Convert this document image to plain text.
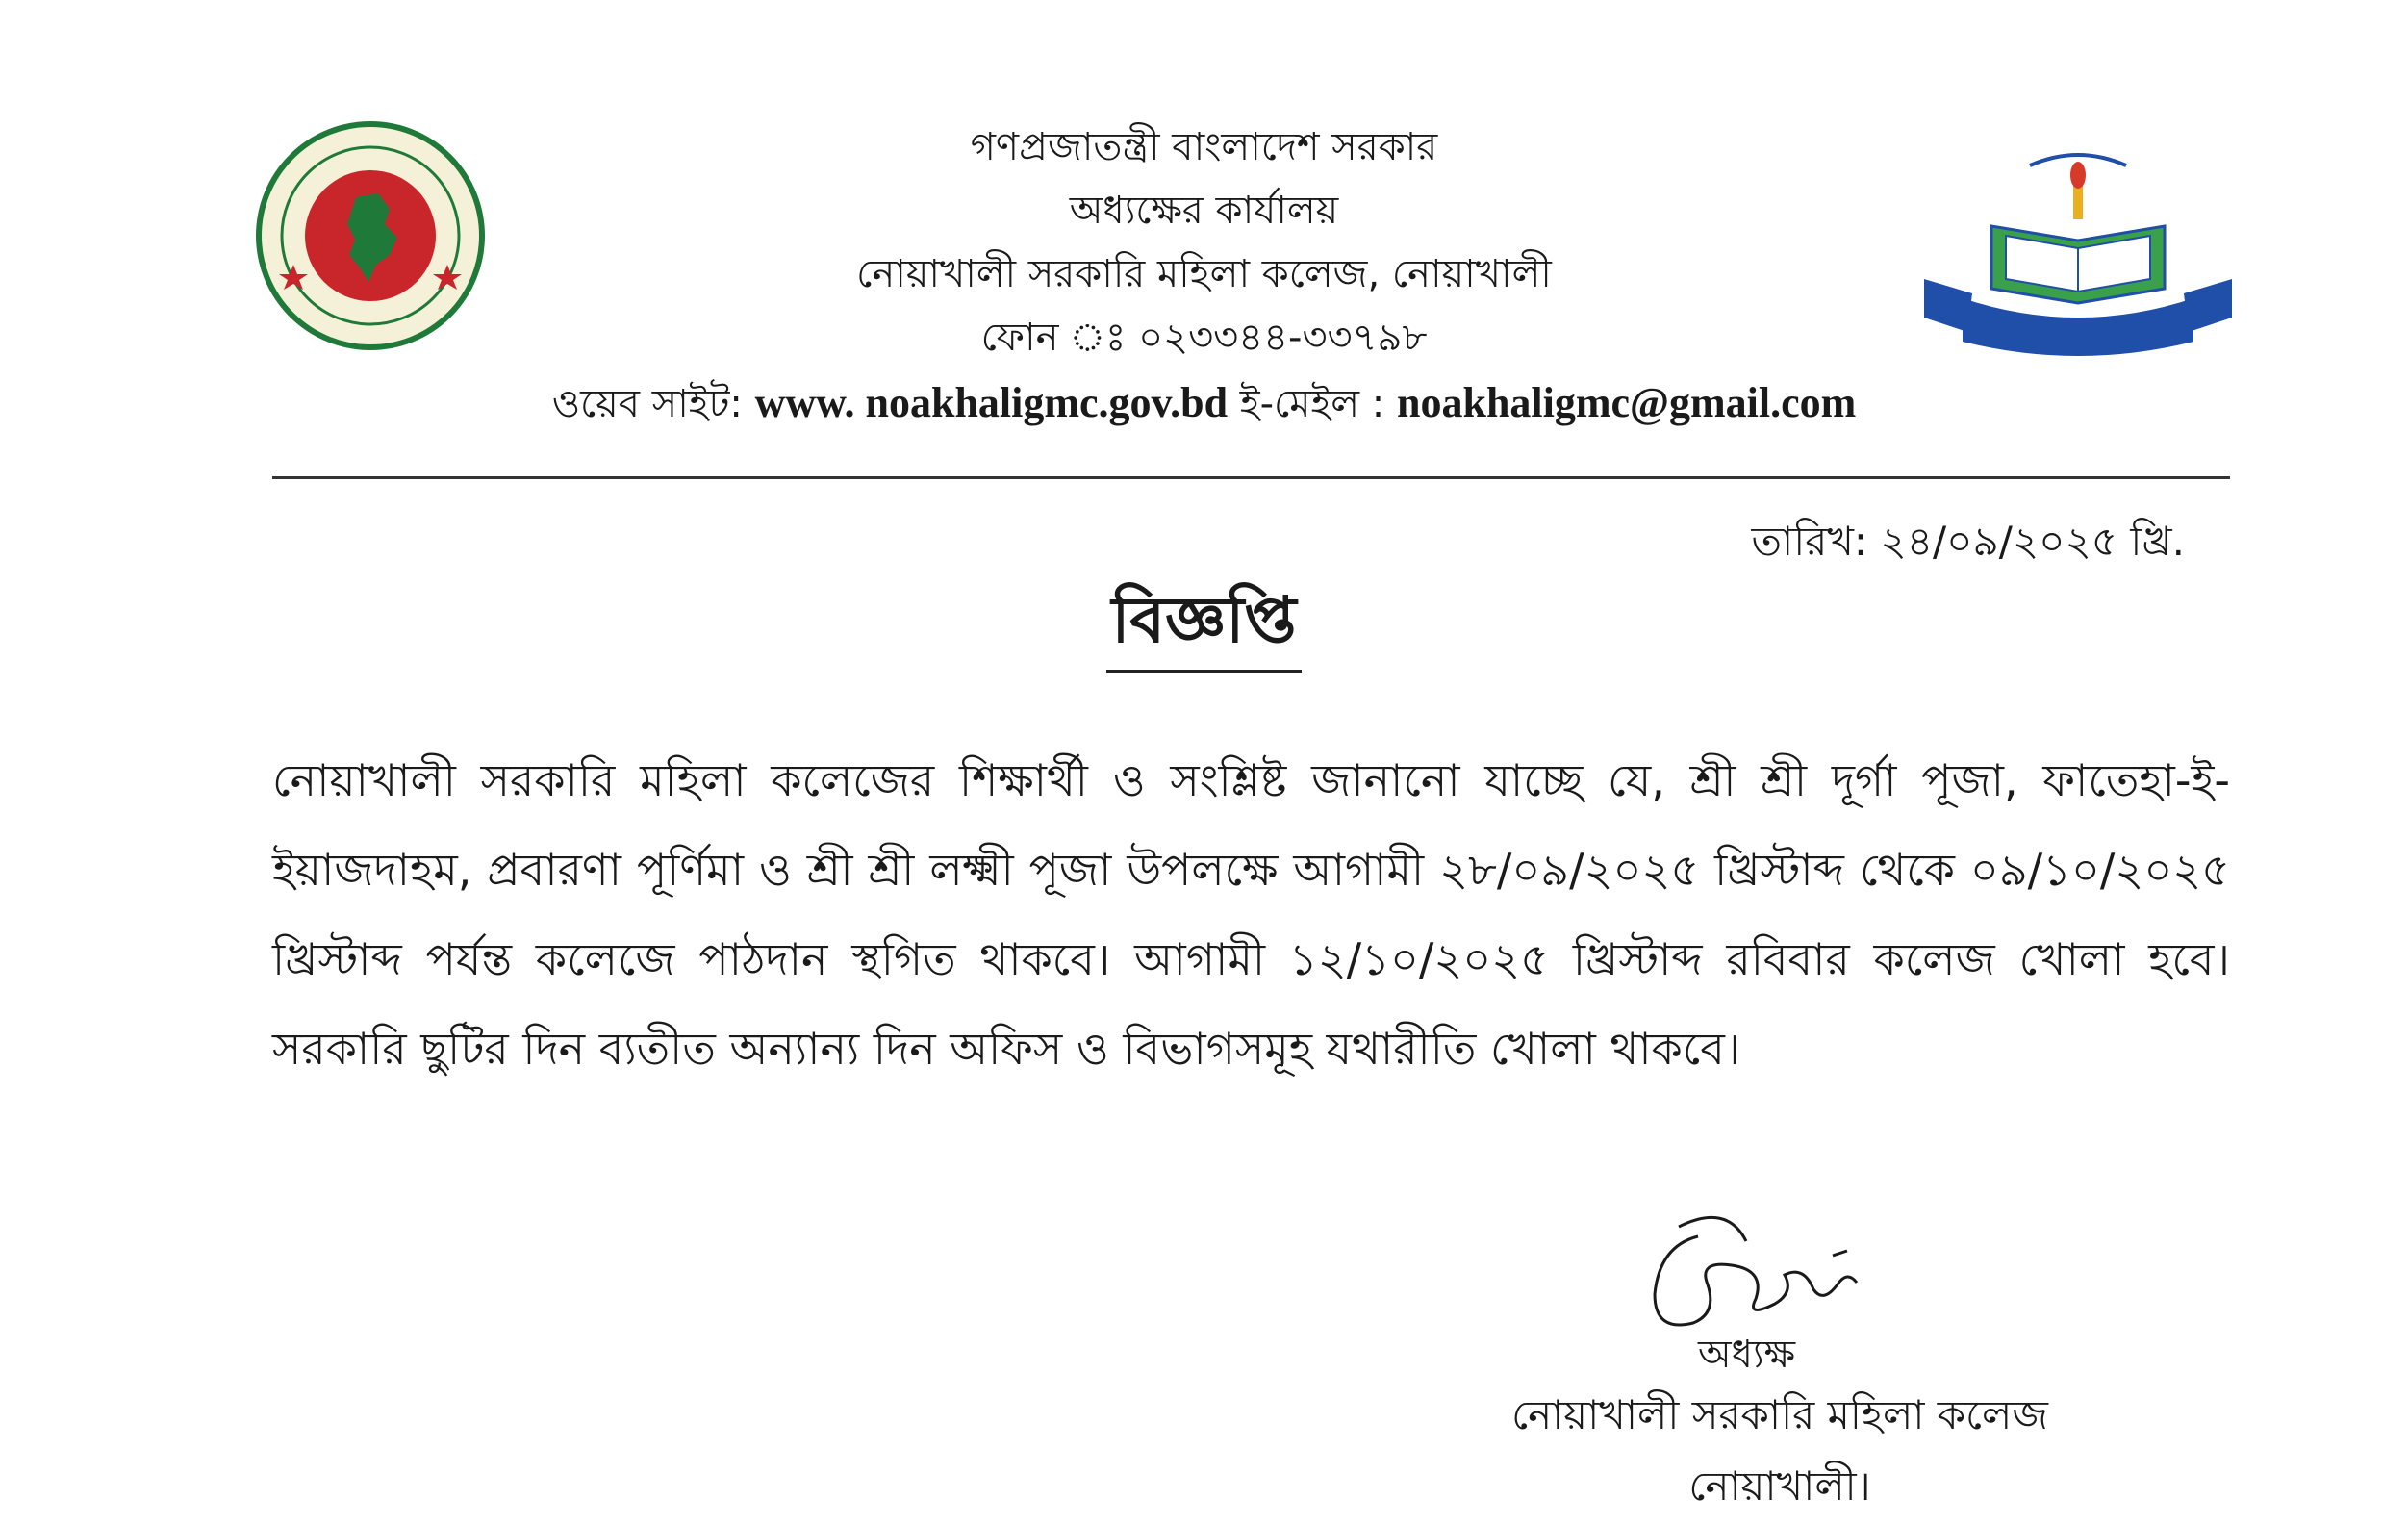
গণপ্রজাতন্ত্রী বাংলাদেশ সরকার
অধ্যক্ষের কার্যালয়
নোয়াখালী সরকারি মহিলা কলেজ, নোয়াখালী
ফোন ঃ ০২৩৩৪৪-৩৩৭৯৮
ওয়েব সাইট: www. noakhaligmc.gov.bd ই-মেইল : noakhaligmc@gmail.com
তারিখ: ২৪/০৯/২০২৫ খ্রি.
বিজ্ঞপ্তি
নোয়াখালী সরকারি মহিলা কলেজের শিক্ষার্থী ও সংশ্লিষ্ট জানানো যাচ্ছে যে, শ্রী শ্রী দূর্গা পূজা, ফাতেহা-ই-ইয়াজদাহম, প্রবারণা পূর্ণিমা ও শ্রী শ্রী লক্ষ্মী পূজা উপলক্ষে আগামী ২৮/০৯/২০২৫ খ্রিস্টাব্দ থেকে ০৯/১০/২০২৫ খ্রিস্টাব্দ পর্যন্ত কলেজে পাঠদান স্থগিত থাকবে। আগামী ১২/১০/২০২৫ খ্রিস্টাব্দ রবিবার কলেজ খোলা হবে। সরকারি ছুটির দিন ব্যতীত অন্যান্য দিন অফিস ও বিভাগসমূহ যথারীতি খোলা থাকবে।
অধ্যক্ষ
নোয়াখালী সরকারি মহিলা কলেজ
নোয়াখালী।
